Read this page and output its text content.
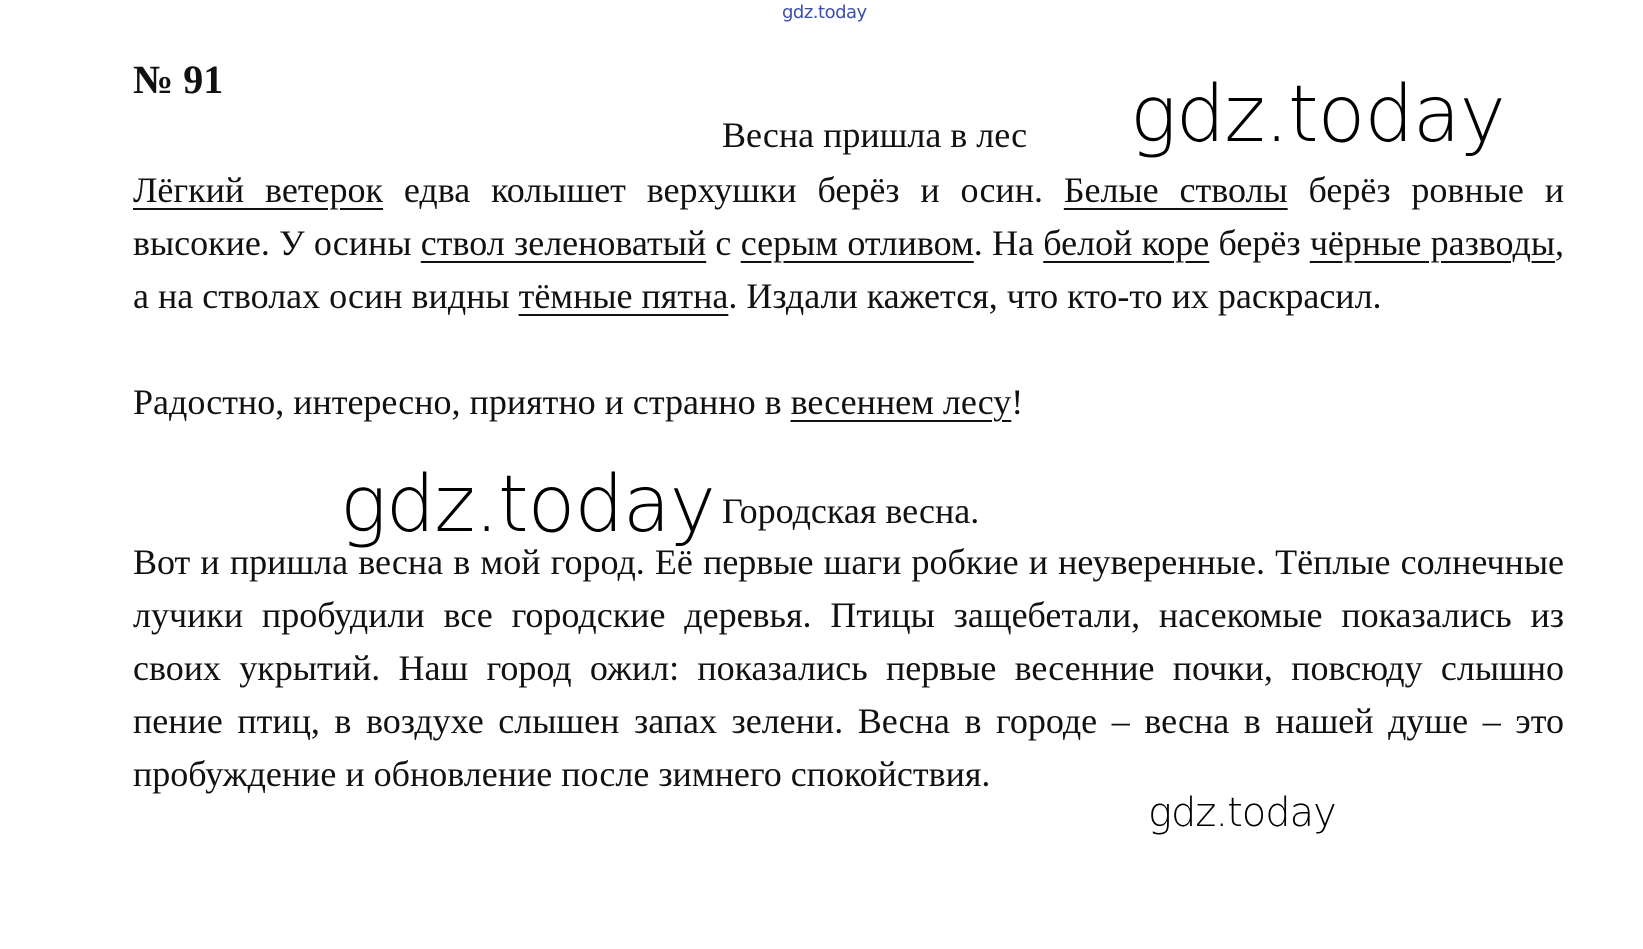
gdz.today
№ 91
Весна пришла в лес

Лёгкий ветерок едва колышет верхушки берёз и осин. Белые стволы берёз ровные и высокие. У осины ствол зеленоватый с серым отливом. На белой коре берёз чёрные разводы, а на стволах осин видны тёмные пятна. Издали кажется, что кто-то их раскрасил.

Радостно, интересно, приятно и странно в весеннем лесу!

Городская весна.

Вот и пришла весна в мой город. Её первые шаги робкие и неуверенные. Тёплые солнечные лучики пробудили все городские деревья. Птицы защебетали, насекомые показались из своих укрытий. Наш город ожил: показались первые весенние почки, повсюду слышно пение птиц, в воздухе слышен запах зелени. Весна в городе – весна в нашей душе – это пробуждение и обновление после зимнего спокойствия.

gdz.today
gdz.today
gdz.today
